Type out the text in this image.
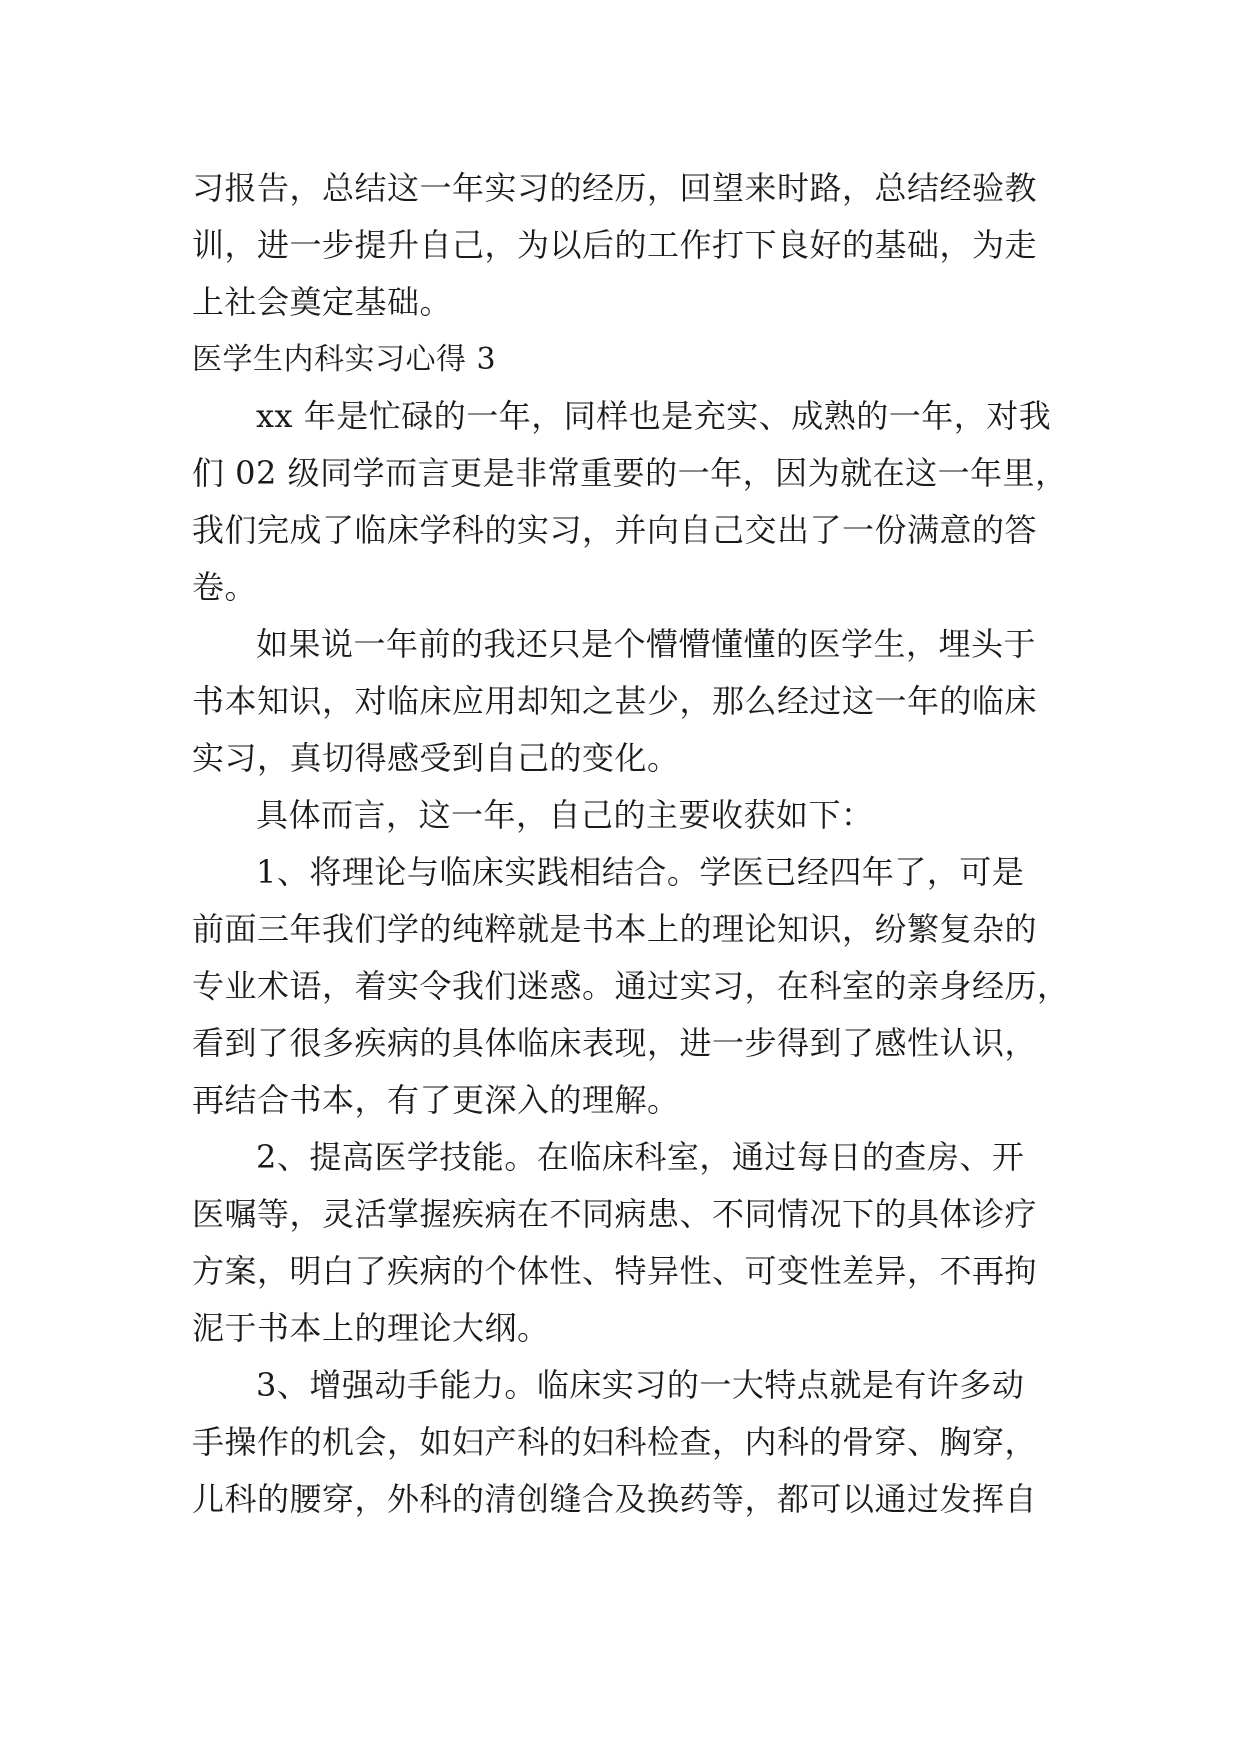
习报告，总结这一年实习的经历，回望来时路，总结经验教
训，进一步提升自己，为以后的工作打下良好的基础，为走
上社会奠定基础。
医学生内科实习心得 3
xx 年是忙碌的一年，同样也是充实、成熟的一年，对我
们 02 级同学而言更是非常重要的一年，因为就在这一年里，
我们完成了临床学科的实习，并向自己交出了一份满意的答
卷。
如果说一年前的我还只是个懵懵懂懂的医学生，埋头于
书本知识，对临床应用却知之甚少，那么经过这一年的临床
实习，真切得感受到自己的变化。
具体而言，这一年，自己的主要收获如下：
1、将理论与临床实践相结合。学医已经四年了，可是
前面三年我们学的纯粹就是书本上的理论知识，纷繁复杂的
专业术语，着实令我们迷惑。通过实习，在科室的亲身经历，
看到了很多疾病的具体临床表现，进一步得到了感性认识，
再结合书本，有了更深入的理解。
2、提高医学技能。在临床科室，通过每日的查房、开
医嘱等，灵活掌握疾病在不同病患、不同情况下的具体诊疗
方案，明白了疾病的个体性、特异性、可变性差异，不再拘
泥于书本上的理论大纲。
3、增强动手能力。临床实习的一大特点就是有许多动
手操作的机会，如妇产科的妇科检查，内科的骨穿、胸穿，
儿科的腰穿，外科的清创缝合及换药等，都可以通过发挥自
